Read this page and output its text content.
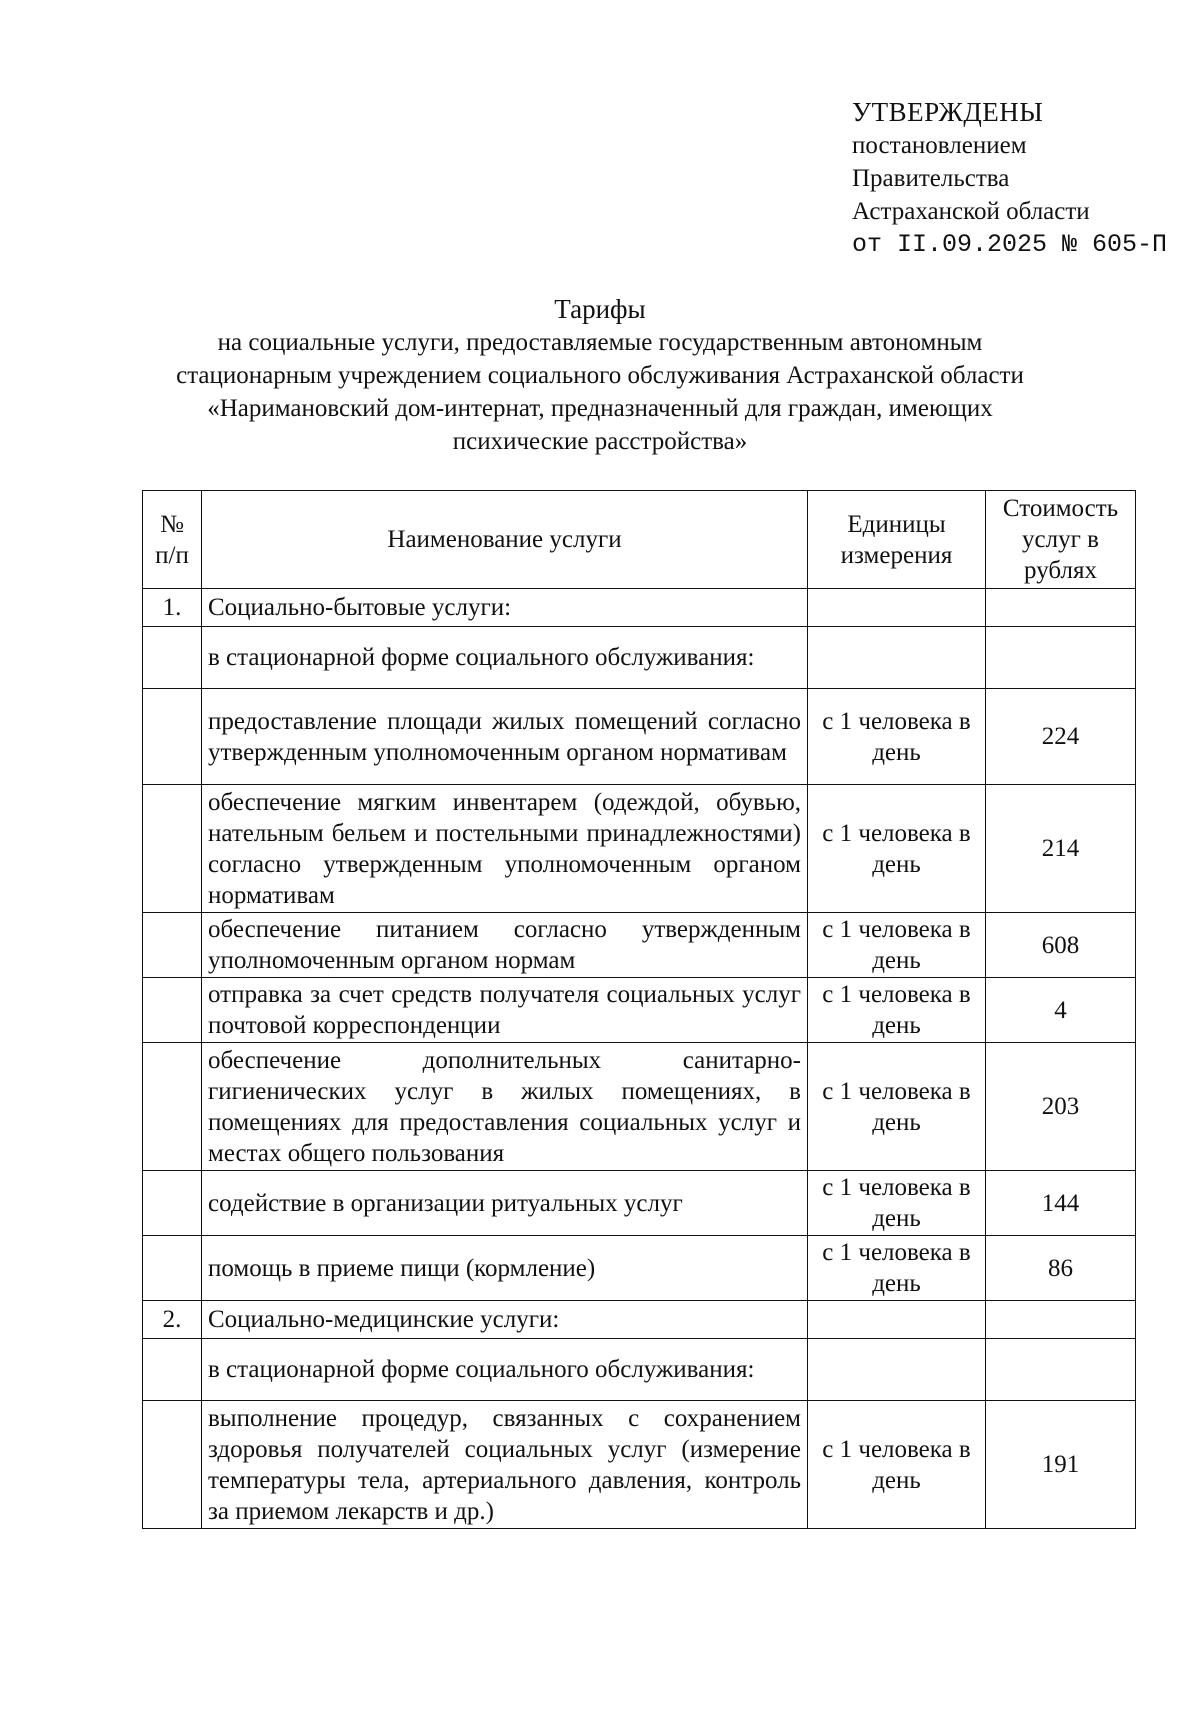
УТВЕРЖДЕНЫ
постановлением
Правительства
Астраханской области
от II.09.2025 № 605-П
Тарифы
на социальные услуги, предоставляемые государственным автономным
стационарным учреждением социального обслуживания Астраханской области
«Наримановский дом-интернат, предназначенный для граждан, имеющих
психические расстройства»
№ п/п	Наименование услуги	Единицы измерения	Стоимость услуг в рублях
1.	Социально-бытовые услуги:		
	в стационарной форме социального обслуживания:		
	предоставление площади жилых помещений согласно утвержденным уполномоченным органом нормативам	с 1 человека в день	224
	обеспечение мягким инвентарем (одеждой, обувью, нательным бельем и постельными принадлежностями) согласно утвержденным уполномоченным органом нормативам	с 1 человека в день	214
	обеспечение питанием согласно утвержденным уполномоченным органом нормам	с 1 человека в день	608
	отправка за счет средств получателя социальных услуг почтовой корреспонденции	с 1 человека в день	4
	обеспечение дополнительных санитарно-гигиенических услуг в жилых помещениях, в помещениях для предоставления социальных услуг и местах общего пользования	с 1 человека в день	203
	содействие в организации ритуальных услуг	с 1 человека в день	144
	помощь в приеме пищи (кормление)	с 1 человека в день	86
2.	Социально-медицинские услуги:		
	в стационарной форме социального обслуживания:		
	выполнение процедур, связанных с сохранением здоровья получателей социальных услуг (измерение температуры тела, артериального давления, контроль за приемом лекарств и др.)	с 1 человека в день	191
